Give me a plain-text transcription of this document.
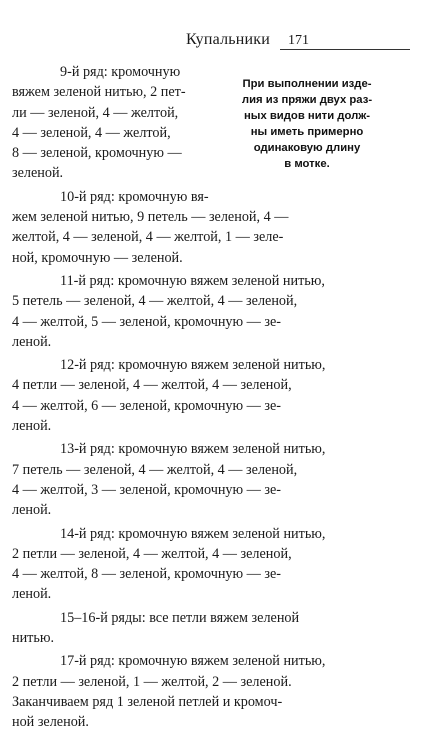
Купальники 171
При выполнении изде-
лия из пряжи двух раз-
ных видов нити долж-
ны иметь примерно
одинаковую длину
в мотке.
9-й ряд: кромочную
вяжем зеленой нитью, 2 пет-
ли — зеленой, 4 — желтой,
4 — зеленой, 4 — желтой,
8 — зеленой, кромочную —
зеленой.
10-й ряд: кромочную вя-
жем зеленой нитью, 9 петель — зеленой, 4 —
желтой, 4 — зеленой, 4 — желтой, 1 — зеле-
ной, кромочную — зеленой.
11-й ряд: кромочную вяжем зеленой нитью,
5 петель — зеленой, 4 — желтой, 4 — зеленой,
4 — желтой, 5 — зеленой, кромочную — зе-
леной.
12-й ряд: кромочную вяжем зеленой нитью,
4 петли — зеленой, 4 — желтой, 4 — зеленой,
4 — желтой, 6 — зеленой, кромочную — зе-
леной.
13-й ряд: кромочную вяжем зеленой нитью,
7 петель — зеленой, 4 — желтой, 4 — зеленой,
4 — желтой, 3 — зеленой, кромочную — зе-
леной.
14-й ряд: кромочную вяжем зеленой нитью,
2 петли — зеленой, 4 — желтой, 4 — зеленой,
4 — желтой, 8 — зеленой, кромочную — зе-
леной.
15–16-й ряды: все петли вяжем зеленой
нитью.
17-й ряд: кромочную вяжем зеленой нитью,
2 петли — зеленой, 1 — желтой, 2 — зеленой.
Заканчиваем ряд 1 зеленой петлей и кромоч-
ной зеленой.
